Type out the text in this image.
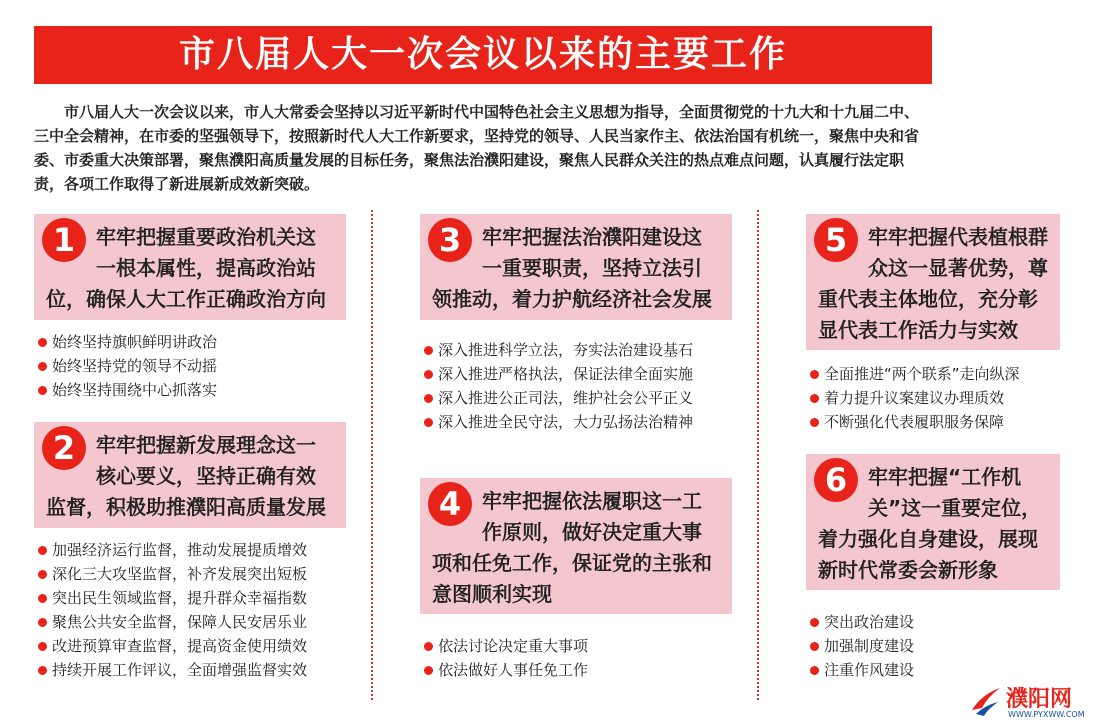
市八届人大一次会议以来的主要工作

市八届人大一次会议以来，市人大常委会坚持以习近平新时代中国特色社会主义思想为指导，全面贯彻党的十九大和十九届二中、三中全会精神，在市委的坚强领导下，按照新时代人大工作新要求，坚持党的领导、人民当家作主、依法治国有机统一，聚焦中央和省委、市委重大决策部署，聚焦濮阳高质量发展的目标任务，聚焦法治濮阳建设，聚焦人民群众关注的热点难点问题，认真履行法定职责，各项工作取得了新进展新成效新突破。

1	牢牢把握重要政治机关这一根本属性，提高政治站位，确保人大工作正确政治方向
始终坚持旗帜鲜明讲政治
始终坚持党的领导不动摇
始终坚持围绕中心抓落实
2	牢牢把握新发展理念这一核心要义，坚持正确有效监督，积极助推濮阳高质量发展
加强经济运行监督，推动发展提质增效
深化三大攻坚监督，补齐发展突出短板
突出民生领域监督，提升群众幸福指数
聚焦公共安全监督，保障人民安居乐业
改进预算审查监督，提高资金使用绩效
持续开展工作评议，全面增强监督实效
3	牢牢把握法治濮阳建设这一重要职责，坚持立法引领推动，着力护航经济社会发展
深入推进科学立法，夯实法治建设基石
深入推进严格执法，保证法律全面实施
深入推进公正司法，维护社会公平正义
深入推进全民守法，大力弘扬法治精神
4	牢牢把握依法履职这一工作原则，做好决定重大事项和任免工作，保证党的主张和意图顺利实现
依法讨论决定重大事项
依法做好人事任免工作
5	牢牢把握代表植根群众这一显著优势，尊重代表主体地位，充分彰显代表工作活力与实效
全面推进“两个联系”走向纵深
着力提升议案建议办理质效
不断强化代表履职服务保障
6	牢牢把握“工作机关”这一重要定位，着力强化自身建设，展现新时代常委会新形象
突出政治建设
加强制度建设
注重作风建设
濮阳网
WWW.PYXWW.COM
